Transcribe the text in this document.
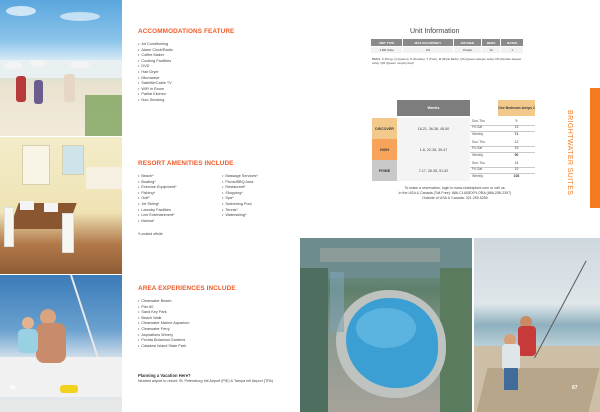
66
ACCOMMODATIONS FEATURE
• Air Conditioning
• Alarm Clock/Radio
• Coffee Maker
• Cooking Facilities
• DVD
• Hair Dryer
• Microwave
• Satellite/Cable TV
• WiFi in Room
• Partial Kitchen
• Non-Smoking
RESORT AMENITIES INCLUDE
• Beach*
• Boating*
• Exercise Equipment*
• Fishing*
• Golf*
• Jet Skiing*
• Laundry Facilities
• Live Entertainment*
• Marina*
• Massage Services*
• Picnic/BBQ Area
• Restaurant*
• Shopping*
• Spa*
• Swimming Pool
• Tennis*
• Waterskiing*
*Located offsite
AREA EXPERIENCES INCLUDE
• Clearwater Beach
• Pier 60
• Sand Key Park
• Beach Walk
• Clearwater Marine Aquarium
• Clearwater Ferry
• Aspirations Winery
• Florida Botanical Gardens
• Caladesi Island State Park
Planning a Vacation Here?
Nearest airport to resort: St. Petersburg Intl Airport (PIE) & Tampa Intl Airport (TPA)
Unit Information
UNIT TYPE	MAX OCCUPANCY	KITCHEN	BEDS	BATHS
1 BR Suite	4/3	Partial	1k	1
BEDS: K (King), Q (Queen), D (Double), T (Twin), M (Bunk Beds), QS (Queen sleeper sofa), DS (Double sleeper sofa), QM (Queen murphy bed)
Weeks	One Bedroom sleeps 2
DISCOVER	18-21, 36-38, 48-50
Sun-Thu	9
Fri-Sat	13
Weekly	71
HIGH	1-6, 22-35, 39-47
Sun-Thu	12
Fri-Sat	15
Weekly	90
PRIME	7-17, 26-35, 51-52
Sun-Thu	14
Fri-Sat	19
Weekly	108
To make a reservation, login to www.clubexplore.com or call us:
in the USA & Canada (Toll-Free): 866-CLUBEXPLORA (866-258-2397)
Outside of USA & Canada: 321.255.5250
BRIGHTWATER SUITES
67
